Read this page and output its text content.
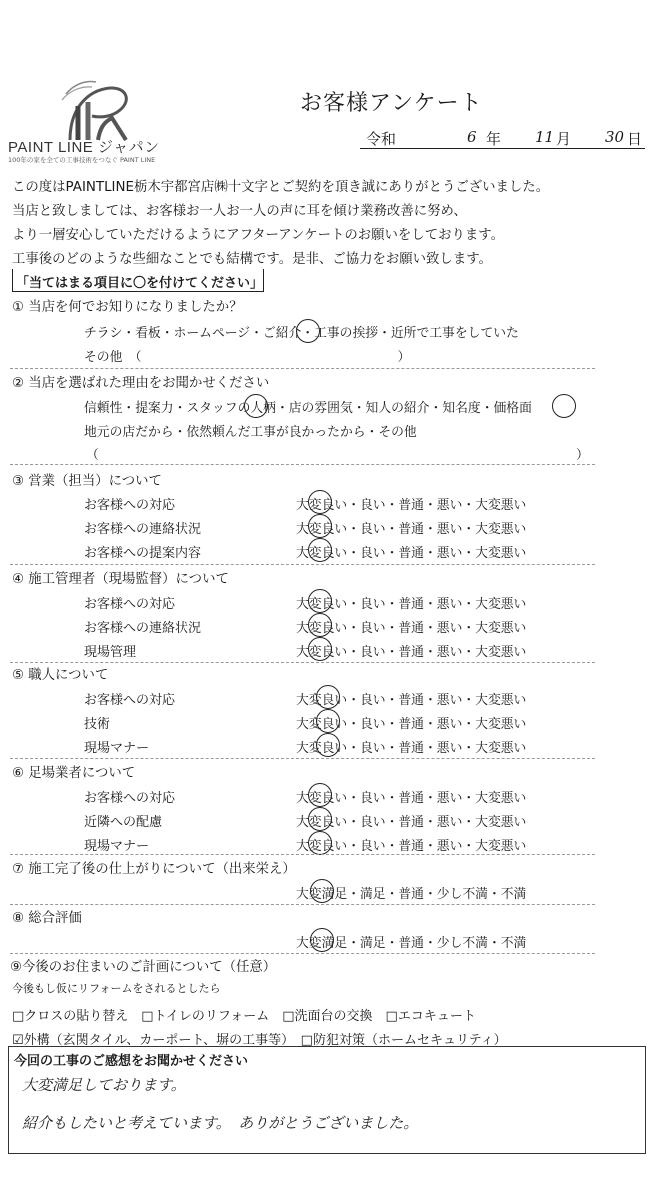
PAINT LINE ジャパン
100年の家を全ての工事技術をつなぐ PAINT LINE
お客様アンケート
令和	6 年 11 月 30 日
この度はPAINTLINE栃木宇都宮店㈱十文字とご契約を頂き誠にありがとうございました。
当店と致しましては、お客様お一人お一人の声に耳を傾け業務改善に努め、
より一層安心していただけるようにアフターアンケートのお願いをしております。
工事後のどのような些細なことでも結構です。是非、ご協力をお願い致します。
「当てはまる項目に〇を付けてください」
① 当店を何でお知りになりましたか？
チラシ・看板・ホームページ・ご紹介・工事の挨拶・近所で工事をしていた
その他　（　　　　　　　　　　　　　　　　　　　　）
② 当店を選ばれた理由をお聞かせください
信頼性・提案力・スタッフの人柄・店の雰囲気・知人の紹介・知名度・価格面
地元の店だから・依然頼んだ工事が良かったから・その他
（	）
③ 営業（担当）について
お客様への対応	大変良い・良い・普通・悪い・大変悪い
お客様への連絡状況	大変良い・良い・普通・悪い・大変悪い
お客様への提案内容	大変良い・良い・普通・悪い・大変悪い
④ 施工管理者（現場監督）について
お客様への対応	大変良い・良い・普通・悪い・大変悪い
お客様への連絡状況	大変良い・良い・普通・悪い・大変悪い
現場管理	大変良い・良い・普通・悪い・大変悪い
⑤ 職人について
お客様への対応	大変良い・良い・普通・悪い・大変悪い
技術	大変良い・良い・普通・悪い・大変悪い
現場マナー	大変良い・良い・普通・悪い・大変悪い
⑥ 足場業者について
お客様への対応	大変良い・良い・普通・悪い・大変悪い
近隣への配慮	大変良い・良い・普通・悪い・大変悪い
現場マナー	大変良い・良い・普通・悪い・大変悪い
⑦ 施工完了後の仕上がりについて（出来栄え）
大変満足・満足・普通・少し不満・不満
⑧ 総合評価
大変満足・満足・普通・少し不満・不満
⑨今後のお住まいのご計画について（任意）
今後もし仮にリフォームをされるとしたら
□クロスの貼り替え　□トイレのリフォーム　□洗面台の交換　□エコキュート
☑外構（玄関タイル、カーポート、塀の工事等）　□防犯対策（ホームセキュリティ）
今回の工事のご感想をお聞かせください
大変満足しております。
紹介もしたいと考えています。　ありがとうございました。
